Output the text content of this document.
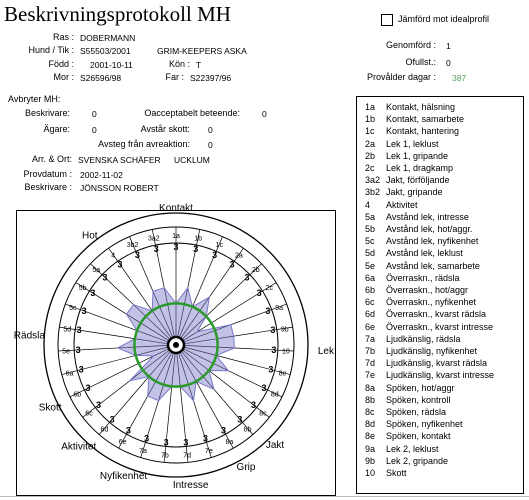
Beskrivningsprotokoll MH	Jämförd mot idealprofil
Ras : DOBERMANN
Hund / Tik : S55503/2001	GRIM-KEEPERS ASKA
Född : 2001-10-11	Kön : T
Mor : S26596/98	Far : S22397/96
Genomförd : 1
Ofullst.: 0
Provålder dagar : 387
Avbryter MH:
Beskrivare:	0	Oacceptabelt beteende:	0
Ägare:	0	Avstår skott: 0
Avsteg från avreaktion: 0
Arr. & Ort: SVENSKA SCHÄFER UCKLUM
Provdatum : 2002-11-02
Beskrivare : JÖNSSON ROBERT
1a Kontakt, hälsning
1b Kontakt, samarbete
1c Kontakt, hantering
2a Lek 1, leklust
2b Lek 1, gripande
2c Lek 1, dragkamp
3a2 Jakt, förföljande
3b2 Jakt, gripande
4 Aktivitet
5a Avstånd lek, intresse
5b Avstånd lek, hot/aggr.
5c Avstånd lek, nyfikenhet
5d Avstånd lek, leklust
5e Avstånd lek, samarbete
6a Överraskn., rädsla
6b Överraskn., hot/aggr
6c Överraskn., nyfikenhet
6d Överraskn., kvarst rädsla
6e Överraskn., kvarst intresse
7a Ljudkänslig, rädsla
7b Ljudkänslig, nyfikenhet
7d Ljudkänslig, kvarst rädsla
7e Ljudkänslig, kvarst intresse
8a Spöken, hot/aggr
8b Spöken, kontroll
8c Spöken, rädsla
8d Spöken, nyfikenhet
8e Spöken, kontakt
9a Lek 2, leklust
9b Lek 2, gripande
10 Skott
3 3
3
3
3
3
3
3
3
3
3
3
3
3
3
3
3
3
3
3
3
3
3
3
3
3
3
3
3
3
3
1a 1b
1c
2a
2b
2c
9a
9b
10
8e
8d
8c
8b
8a
7e
7d
7b
7a
6e
6d
6c
6b
6a
5e
5d
5c
5b
5a
4
3b2
3a2
Kontakt
Lek
Jakt
Grip
Intresse
Nyfikenhet
Aktivitet
Skott
Rädsla
Hot
